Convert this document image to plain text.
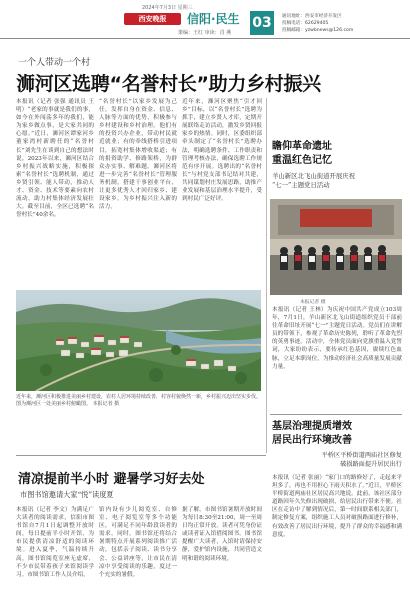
2024年7月3日 星期三
西安晚报	信阳·民生
策编：王红 审读：肖 燕
03	通讯地址：西安市经济开发区
投稿电话：62629405
投稿邮箱：yzwbnews@126.com
一个人带动一个村
浉河区选聘“名誉村长”助力乡村振兴
本报讯（记者 张强 通讯员 王明）“老家的事就是我们的事，如今在外闯荡多年的我们，能为家乡做点事，是大家共同的心愿。”近日，浉河区谭家河乡董家湾村新聘任的“名誉村长”刘先生在谈到自己的想法时说。2023年以来，浉河区结合乡村振兴战略实施，积极探索“名誉村长”选聘机制，通过乡贤引领、能人带动，推动人才、资金、技术等要素向农村流动，助力村集体经济发展壮大。截至目前，全区已选聘“名誉村长”40余名。
“名誉村长”以家乡发展为己任，发挥自身在资金、信息、人脉等方面的优势，积极参与乡村建设和乡村治理。他们有的投资兴办企业，带动村民就近就业；有的牵线搭桥引进项目，拓宽村集体增收渠道；有的捐资助学、修路架桥，为群众办实事、解难题。浉河区将进一步完善“名誉村长”管理服务机制，搭建干事创业平台，让更多优秀人才回归家乡、建设家乡，为乡村振兴注入新的活力。
近年来，浉河区聚焦“引才回乡”目标，以“名誉村长”选聘为抓手，建立乡贤人才库，定期开展联络走访活动，激发乡贤回报家乡的热情。同时，区委组织部牵头制定了“名誉村长”选聘办法，明确选聘条件、工作职责和管理考核办法，确保选聘工作规范有序开展。选聘出的“名誉村长”与村党支部书记结对共建，共同谋划村庄发展思路，助推产业发展和基层治理水平提升，受到村民广泛好评。
近年来，浉河区积极推进美丽乡村建设，农村人居环境持续改善，村容村貌焕然一新，乡村振兴迈出坚实步伐。图为浉河区一处美丽乡村俯瞰图。 本报记者 摄
瞻仰革命遗址
重温红色记忆
羊山新区北飞山街道开展庆祝
“七一”主题党日活动
本报记者 摄
本报讯（记者 王林）为庆祝中国共产党成立103周年，7月1日，羊山新区北飞山街道组织党员干部前往革命旧址开展“七一”主题党日活动。党员们在讲解员的带领下，参观了革命历史陈列，聆听了革命先烈的英勇事迹。活动中，全体党员面向党旗重温入党誓词，大家纷纷表示，要传承红色基因，赓续红色血脉，立足本职岗位，为推动经济社会高质量发展贡献力量。
基层治理提质增效
居民出行环境改善
平桥区平桥街道两庙社区修复
破损路面提升居民出行
本报讯（记者 张丽）“家门口的路修好了，走起来平坦多了，再也不用担心下雨天积水了。”近日，平桥区平桥街道两庙社区居民高兴地说。此前，该社区部分道路因年久失修出现破损，给居民出行带来不便。社区在走访中了解到情况后，第一时间联系相关部门，制定修复方案，组织施工人员对破损路面进行修补，有效改善了居民出行环境，提升了群众的幸福感和满意度。
清凉提前半小时 避暑学习好去处
市图书馆邀请大家“悦”读度夏
本报讯（记者 李文）为满足广大读者的阅读需求，信阳市图书馆自7月1日起调整开放时间，每日提前半小时开馆，为市民提供清凉舒适的阅读环境。进入夏季，气温持续升高，图书馆阅览室座无虚席，不少市民带着孩子来馆阅读学习。市图书馆工作人员介绍，
馆内设有少儿阅览室、自修室、电子阅览室等多个功能区，可满足不同年龄段读者的需求。同时，图书馆还将结合暑期特点开展系列阅读推广活动，包括亲子阅读、读书分享会、公益讲座等，让市民在清凉中享受阅读的乐趣，度过一个充实的暑假。
据了解，市图书馆暑期开放时间为每日8:30至21:00，周一至周日均正常开放。读者可凭身份证或读者证入馆借阅图书。图书馆提醒广大读者，入馆时请保持安静，爱护馆内设施，共同营造文明和谐的阅读环境。
